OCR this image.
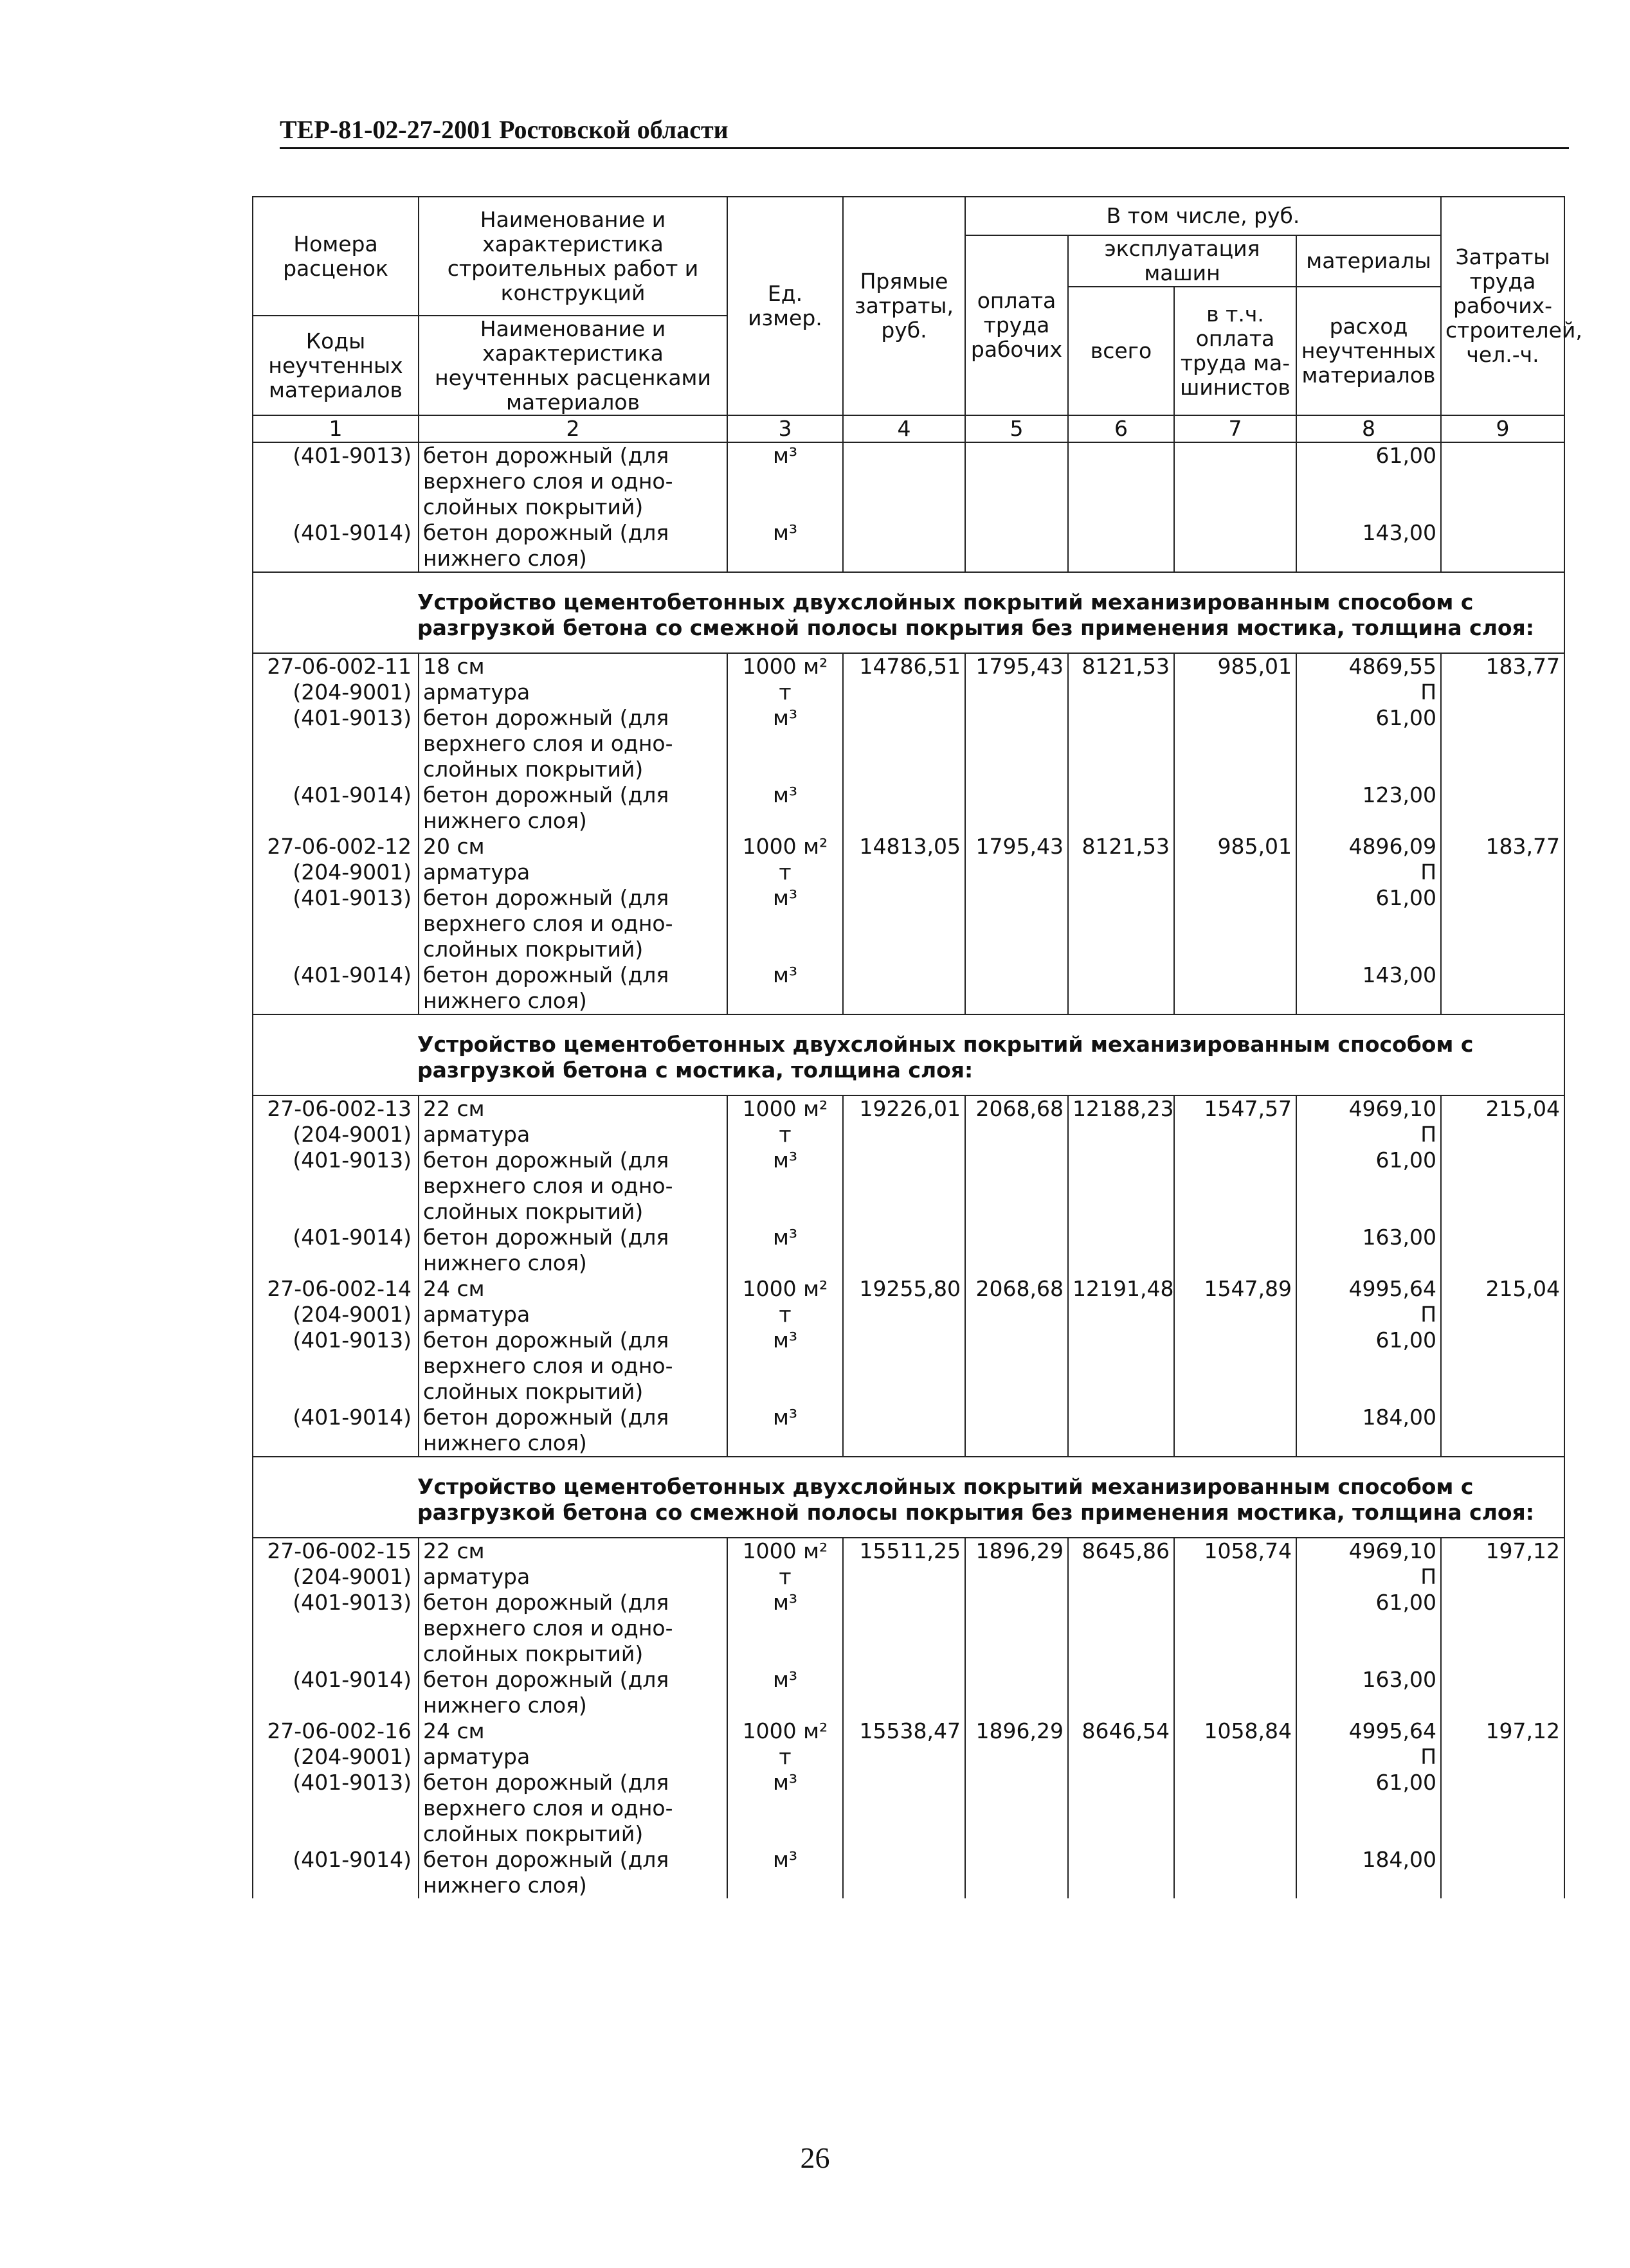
ТЕР-81-02-27-2001 Ростовской области
Номера расценок	Наименование и характеристика строительных работ и конструкций	Ед. измер.	Прямые затраты, руб.	В том числе, руб.				Затраты труда рабочих-строителей, чел.-ч.
				оплата труда рабочих	эксплуатация машин		материалы	
					всего	в т.ч. оплата труда ма-шинистов	расход неучтенных материалов	
Коды неучтенных материалов	Наименование и характеристика неучтенных расценками материалов							

1	2	3	4	5	6	7	8	9
(401-9013)	бетон дорожный (для верхнего слоя и одно-слойных покрытий)	м³					61,00	
(401-9014)	бетон дорожный (для нижнего слоя)	м³					143,00	

Устройство цементобетонных двухслойных покрытий механизированным способом с разгрузкой бетона со смежной полосы покрытия без применения мостика, толщина слоя:								

27-06-002-11	18 см	1000 м²	14786,51	1795,43	8121,53	985,01	4869,55	183,77
(204-9001)	арматура	т					П	
(401-9013)	бетон дорожный (для верхнего слоя и одно-слойных покрытий)	м³					61,00	
(401-9014)	бетон дорожный (для нижнего слоя)	м³					123,00	
27-06-002-12	20 см	1000 м²	14813,05	1795,43	8121,53	985,01	4896,09	183,77
(204-9001)	арматура	т					П	
(401-9013)	бетон дорожный (для верхнего слоя и одно-слойных покрытий)	м³					61,00	
(401-9014)	бетон дорожный (для нижнего слоя)	м³					143,00	

Устройство цементобетонных двухслойных покрытий механизированным способом с разгрузкой бетона с мостика, толщина слоя:								

27-06-002-13	22 см	1000 м²	19226,01	2068,68	12188,23	1547,57	4969,10	215,04
(204-9001)	арматура	т					П	
(401-9013)	бетон дорожный (для верхнего слоя и одно-слойных покрытий)	м³					61,00	
(401-9014)	бетон дорожный (для нижнего слоя)	м³					163,00	
27-06-002-14	24 см	1000 м²	19255,80	2068,68	12191,48	1547,89	4995,64	215,04
(204-9001)	арматура	т					П	
(401-9013)	бетон дорожный (для верхнего слоя и одно-слойных покрытий)	м³					61,00	
(401-9014)	бетон дорожный (для нижнего слоя)	м³					184,00	

Устройство цементобетонных двухслойных покрытий механизированным способом с разгрузкой бетона со смежной полосы покрытия без применения мостика, толщина слоя:								

27-06-002-15	22 см	1000 м²	15511,25	1896,29	8645,86	1058,74	4969,10	197,12
(204-9001)	арматура	т					П	
(401-9013)	бетон дорожный (для верхнего слоя и одно-слойных покрытий)	м³					61,00	
(401-9014)	бетон дорожный (для нижнего слоя)	м³					163,00	
27-06-002-16	24 см	1000 м²	15538,47	1896,29	8646,54	1058,84	4995,64	197,12
(204-9001)	арматура	т					П	
(401-9013)	бетон дорожный (для верхнего слоя и одно-слойных покрытий)	м³					61,00	
(401-9014)	бетон дорожный (для нижнего слоя)	м³					184,00	
26
